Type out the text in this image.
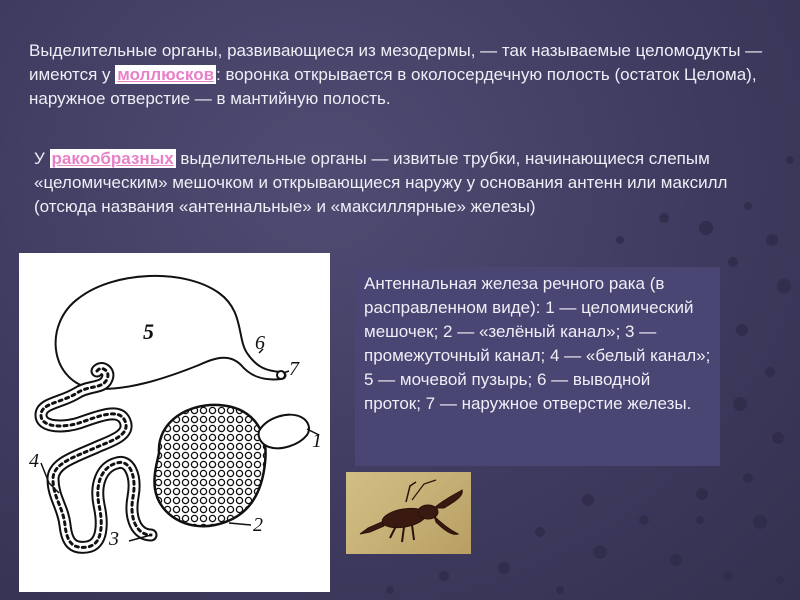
Выделительные органы, развивающиеся из мезодермы, — так называемые целомодукты — имеются у моллюсков : воронка открывается в околосердечную полость (остаток Целома), наружное отверстие — в мантийную полость.

У ракообразных выделительные органы — извитые трубки, начинающиеся слепым «целомическим» мешочком и открывающиеся наружу у основания антенн или максилл (отсюда названия «антеннальные» и «максиллярные» железы)

5	6
7
1
2
3
4
Антеннальная железа речного рака (в расправленном виде): 1 — целомический мешочек; 2 — «зелёный канал»; 3 — промежуточный канал; 4 — «белый канал»; 5 — мочевой пузырь; 6 — выводной проток; 7 — наружное отверстие железы.
